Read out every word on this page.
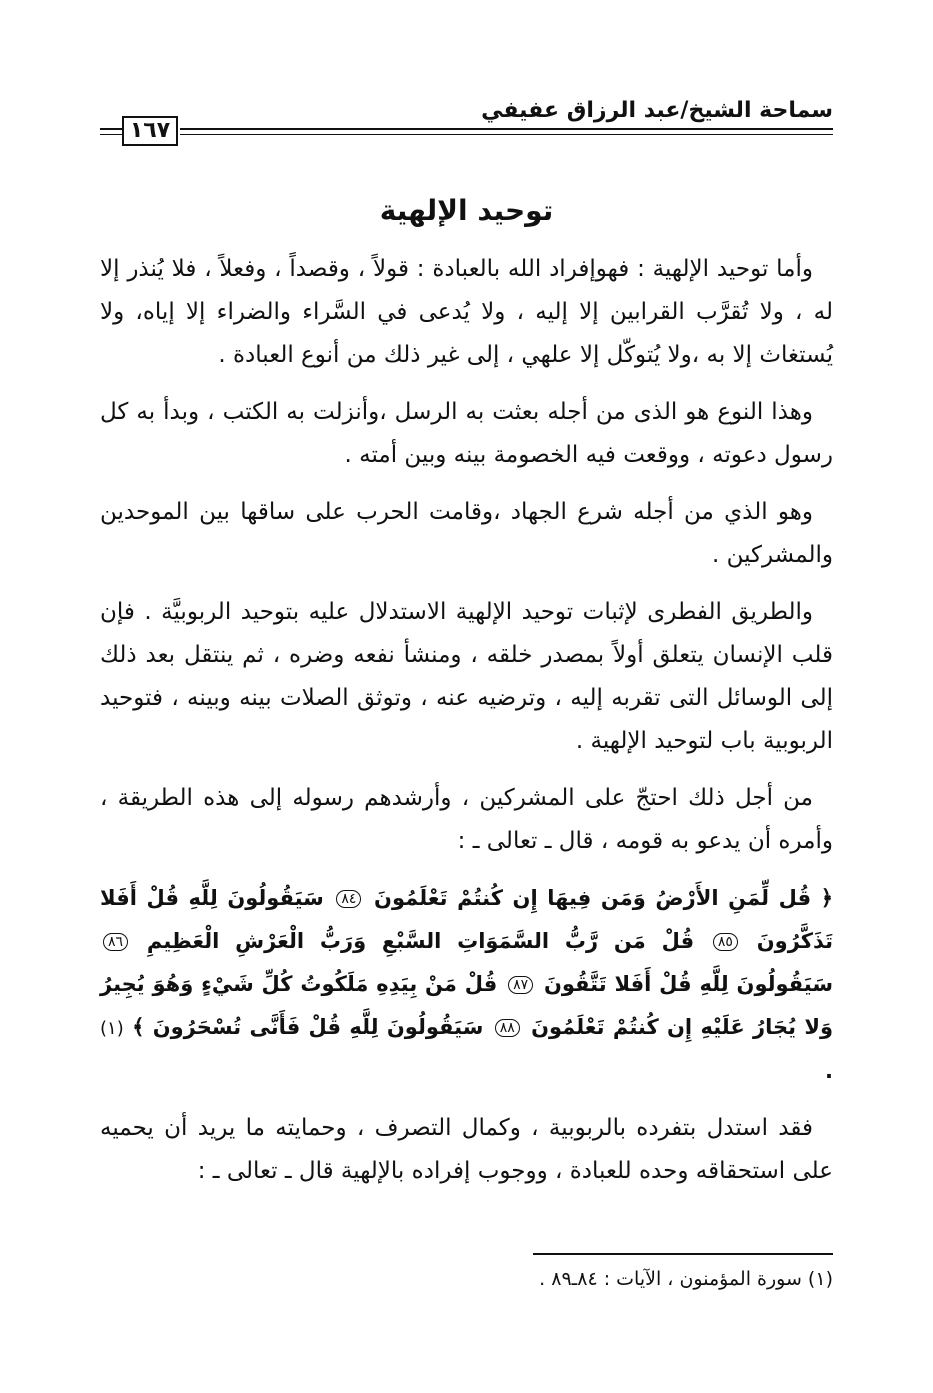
سماحة الشيخ/عبد الرزاق عفيفي
١٦٧
توحيد الإلهية

وأما توحيد الإلهية : فهوإفراد الله بالعبادة : قولاً ، وقصداً ، وفعلاً ، فلا يُنذر إلا له ، ولا تُقرَّب القرابين إلا إليه ، ولا يُدعى في السَّراء والضراء إلا إياه، ولا يُستغاث إلا به ،ولا يُتوكّل إلا علهي ، إلى غير ذلك من أنوع العبادة .

وهذا النوع هو الذى من أجله بعثت به الرسل ،وأنزلت به الكتب ، وبدأ به كل رسول دعوته ، ووقعت فيه الخصومة بينه وبين أمته .

وهو الذي من أجله شرع الجهاد ،وقامت الحرب على ساقها بين الموحدين والمشركين .

والطريق الفطرى لإثبات توحيد الإلهية الاستدلال عليه بتوحيد الربوبيَّة . فإن قلب الإنسان يتعلق أولاً بمصدر خلقه ، ومنشأ نفعه وضره ، ثم ينتقل بعد ذلك إلى الوسائل التى تقربه إليه ، وترضيه عنه ، وتوثق الصلات بينه وبينه ، فتوحيد الربوبية باب لتوحيد الإلهية .

من أجل ذلك احتجّ على المشركين ، وأرشدهم رسوله إلى هذه الطريقة ، وأمره أن يدعو به قومه ، قال ـ تعالى ـ :

﴿ قُل لِّمَنِ الأَرْضُ وَمَن فِيهَا إِن كُنتُمْ تَعْلَمُونَ ٨٤ سَيَقُولُونَ لِلَّهِ قُلْ أَفَلا تَذَكَّرُونَ ٨٥ قُلْ مَن رَّبُّ السَّمَوَاتِ السَّبْعِ وَرَبُّ الْعَرْشِ الْعَظِيمِ ٨٦ سَيَقُولُونَ لِلَّهِ قُلْ أَفَلا تَتَّقُونَ ٨٧ قُلْ مَنْ بِيَدِهِ مَلَكُوتُ كُلِّ شَيْءٍ وَهُوَ يُجِيرُ وَلا يُجَارُ عَلَيْهِ إِن كُنتُمْ تَعْلَمُونَ ٨٨ سَيَقُولُونَ لِلَّهِ قُلْ فَأَنَّى تُسْحَرُونَ ﴾ (١) .

فقد استدل بتفرده بالربوبية ، وكمال التصرف ، وحمايته ما يريد أن يحميه على استحقاقه وحده للعبادة ، ووجوب إفراده بالإلهية قال ـ تعالى ـ :

(١) سورة المؤمنون ، الآيات : ٨٤ـ٨٩ .
